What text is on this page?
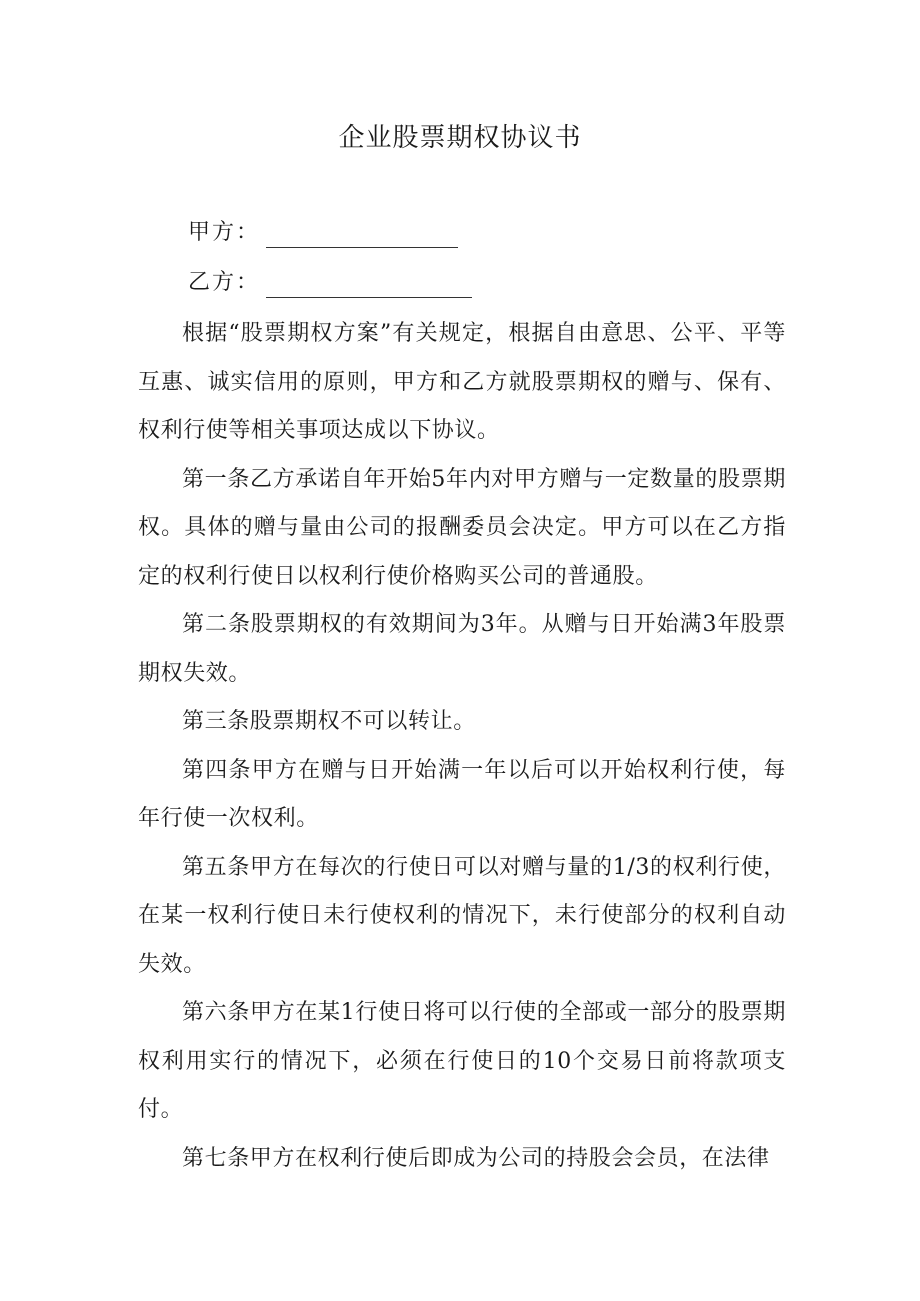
企业股票期权协议书
甲方：
乙方：

根据“股票期权方案”有关规定，根据自由意思、公平、平等互惠、诚实信用的原则，甲方和乙方就股票期权的赠与、保有、权利行使等相关事项达成以下协议。

第一条乙方承诺自年开始5年内对甲方赠与一定数量的股票期权。具体的赠与量由公司的报酬委员会决定。甲方可以在乙方指定的权利行使日以权利行使价格购买公司的普通股。

第二条股票期权的有效期间为3年。从赠与日开始满3年股票期权失效。

第三条股票期权不可以转让。

第四条甲方在赠与日开始满一年以后可以开始权利行使，每年行使一次权利。

第五条甲方在每次的行使日可以对赠与量的1/3的权利行使，在某一权利行使日未行使权利的情况下，未行使部分的权利自动失效。

第六条甲方在某1行使日将可以行使的全部或一部分的股票期权利用实行的情况下，必须在行使日的10个交易日前将款项支付。

第七条甲方在权利行使后即成为公司的持股会会员，在法律
